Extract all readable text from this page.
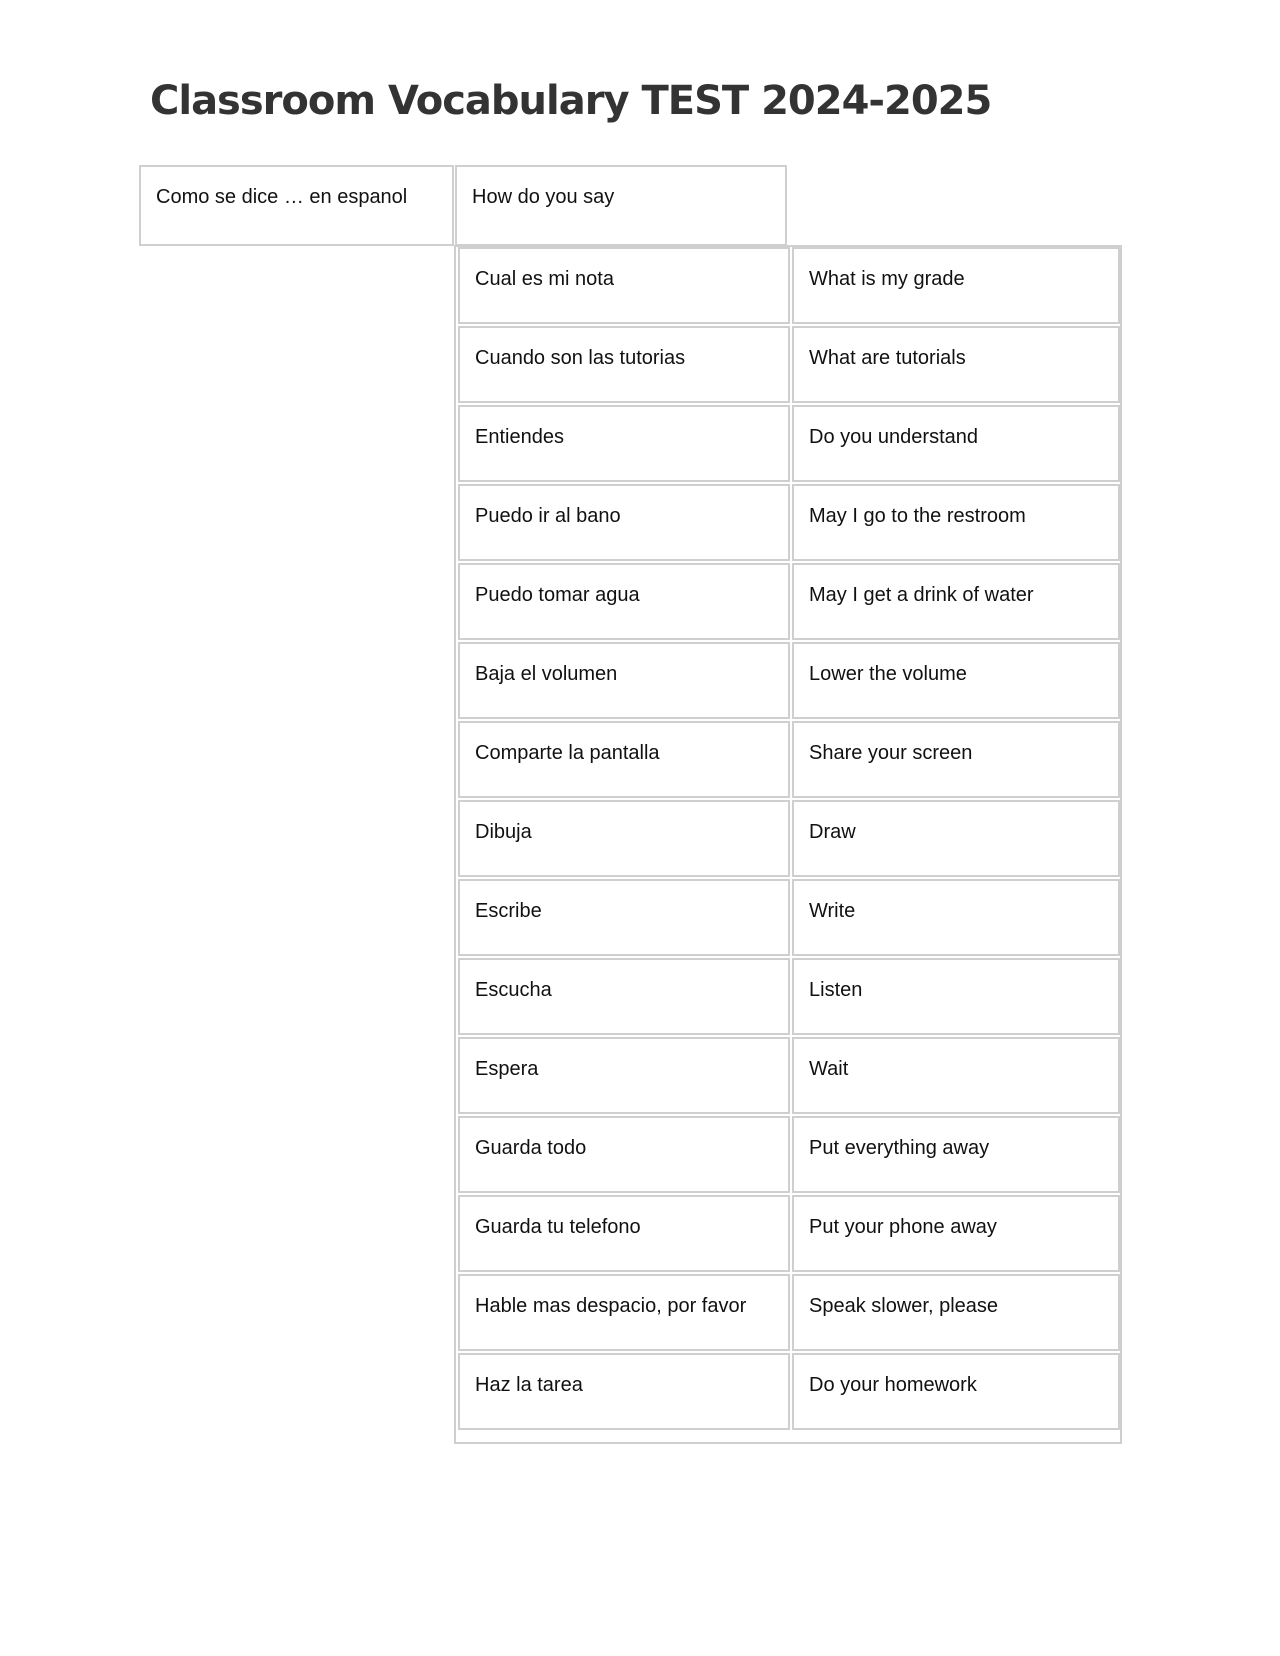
Classroom Vocabulary TEST 2024-2025
Como se dice … en espanol	How do you say
Cual es mi nota	What is my grade
Cuando son las tutorias	What are tutorials
Entiendes	Do you understand
Puedo ir al bano	May I go to the restroom
Puedo tomar agua	May I get a drink of water
Baja el volumen	Lower the volume
Comparte la pantalla	Share your screen
Dibuja	Draw
Escribe	Write
Escucha	Listen
Espera	Wait
Guarda todo	Put everything away
Guarda tu telefono	Put your phone away
Hable mas despacio, por favor	Speak slower, please
Haz la tarea	Do your homework
